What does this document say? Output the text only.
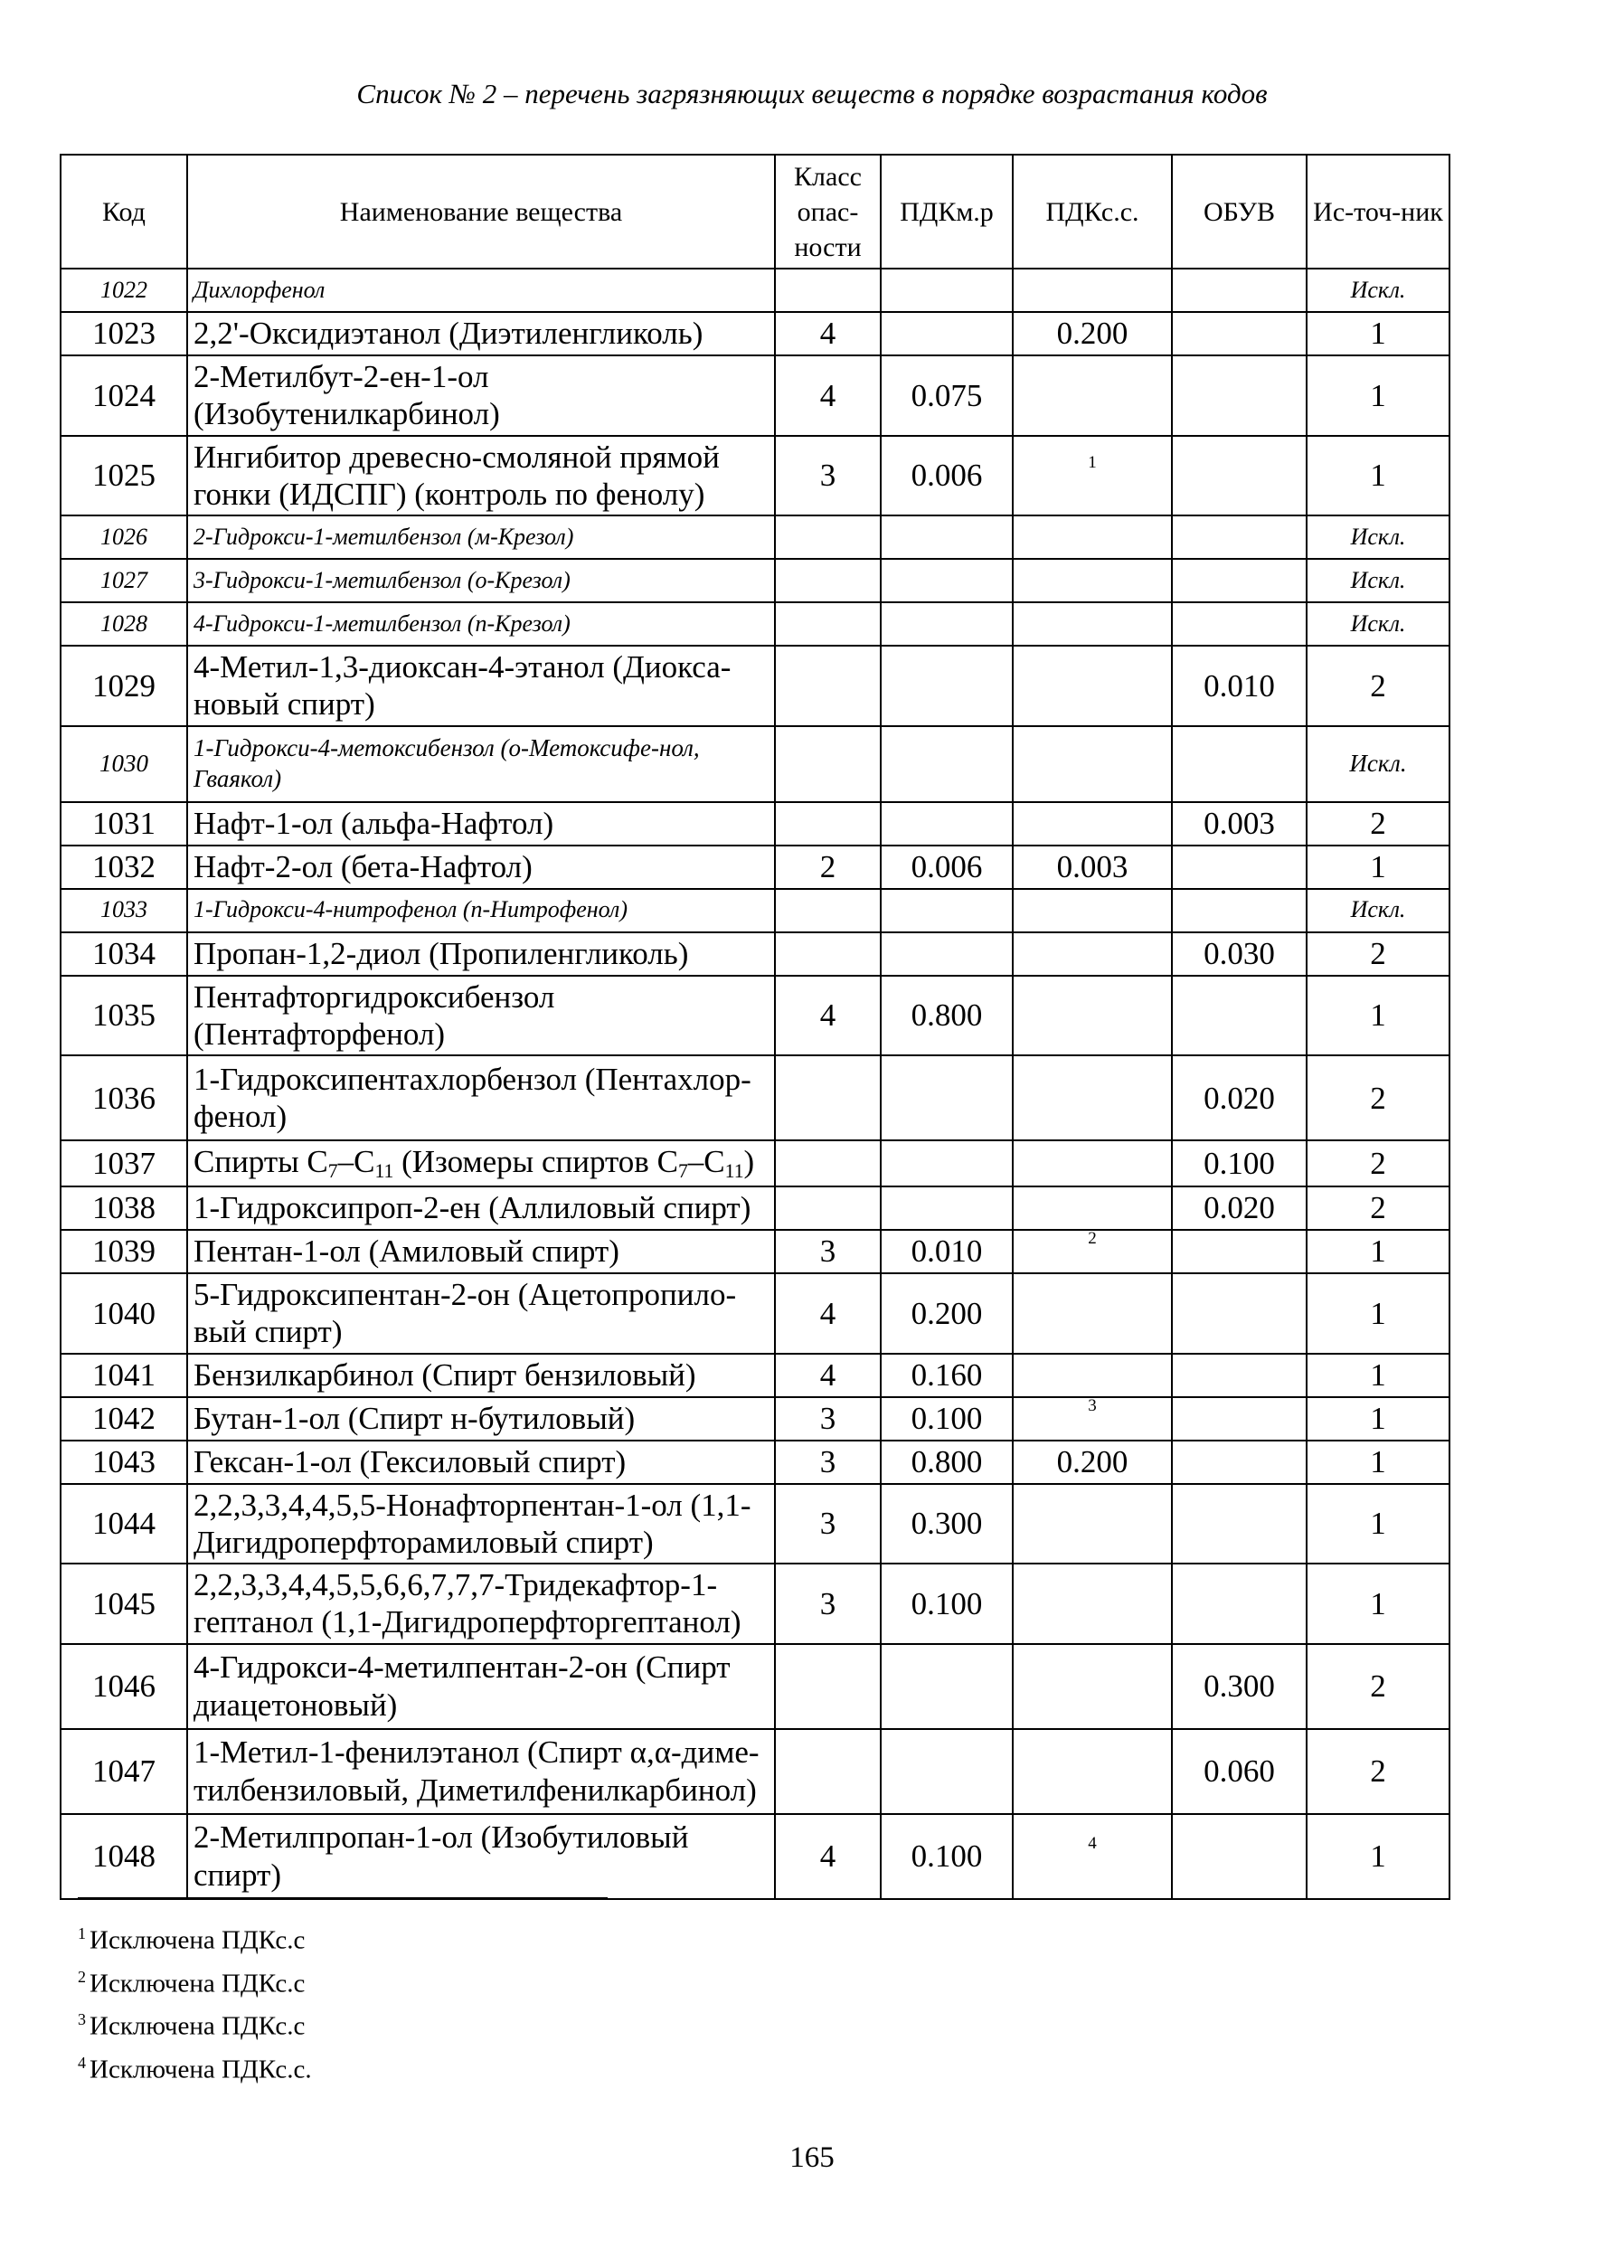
Список № 2 – перечень загрязняющих веществ в порядке возрастания кодов
Код	Наименование вещества	Класс опас-ности	ПДКм.р	ПДКс.с.	ОБУВ	Ис-точ-ник
1022	Дихлорфенол					Искл.
1023	2,2'-Оксидиэтанол (Диэтиленгликоль)	4		0.200		1
1024	2-Метилбут-2-ен-1-ол (Изобутенилкарбинол)	4	0.075			1
1025	Ингибитор древесно-смоляной прямой гонки (ИДСПГ) (контроль по фенолу)	3	0.006	$^1$		1
1026	2-Гидрокси-1-метилбензол (м-Крезол)					Искл.
1027	3-Гидрокси-1-метилбензол (о-Крезол)					Искл.
1028	4-Гидрокси-1-метилбензол (п-Крезол)					Искл.
1029	4-Метил-1,3-диоксан-4-этанол (Диокса-новый спирт)				0.010	2
1030	1-Гидрокси-4-метоксибензол (о-Метоксифе-нол, Гваякол)					Искл.
1031	Нафт-1-ол (альфа-Нафтол)				0.003	2
1032	Нафт-2-ол (бета-Нафтол)	2	0.006	0.003		1
1033	1-Гидрокси-4-нитрофенол (п-Нитрофенол)					Искл.
1034	Пропан-1,2-диол (Пропиленгликоль)				0.030	2
1035	Пентафторгидроксибензол (Пентафторфенол)	4	0.800			1
1036	1-Гидроксипентахлорбензол (Пентахлор-фенол)				0.020	2
1037	Спирты $C_7-C_{11}$ (Изомеры спиртов $C_7-C_{11}$)				0.100	2
1038	1-Гидроксипроп-2-ен (Аллиловый спирт)				0.020	2
1039	Пентан-1-ол (Амиловый спирт)	3	0.010	$^2$		1
1040	5-Гидроксипентан-2-он (Ацетопропило-вый спирт)	4	0.200			1
1041	Бензилкарбинол (Спирт бензиловый)	4	0.160			1
1042	Бутан-1-ол (Спирт н-бутиловый)	3	0.100	$^3$		1
1043	Гексан-1-ол (Гексиловый спирт)	3	0.800	0.200		1
1044	2,2,3,3,4,4,5,5-Нонафторпентан-1-ол (1,1-Дигидроперфторамиловый спирт)	3	0.300			1
1045	2,2,3,3,4,4,5,5,6,6,7,7,7-Тридекафтор-1-гептанол (1,1-Дигидроперфторгептанол)	3	0.100			1
1046	4-Гидрокси-4-метилпентан-2-он (Спирт диацетоновый)				0.300	2
1047	1-Метил-1-фенилэтанол (Спирт α,α-диме-тилбензиловый, Диметилфенилкарбинол)				0.060	2
1048	2-Метилпропан-1-ол (Изобутиловый спирт)	4	0.100	$^4$		1
$^1$ Исключена ПДКс.с
$^2$ Исключена ПДКс.с
$^3$ Исключена ПДКс.с
$^4$ Исключена ПДКс.с.
165
